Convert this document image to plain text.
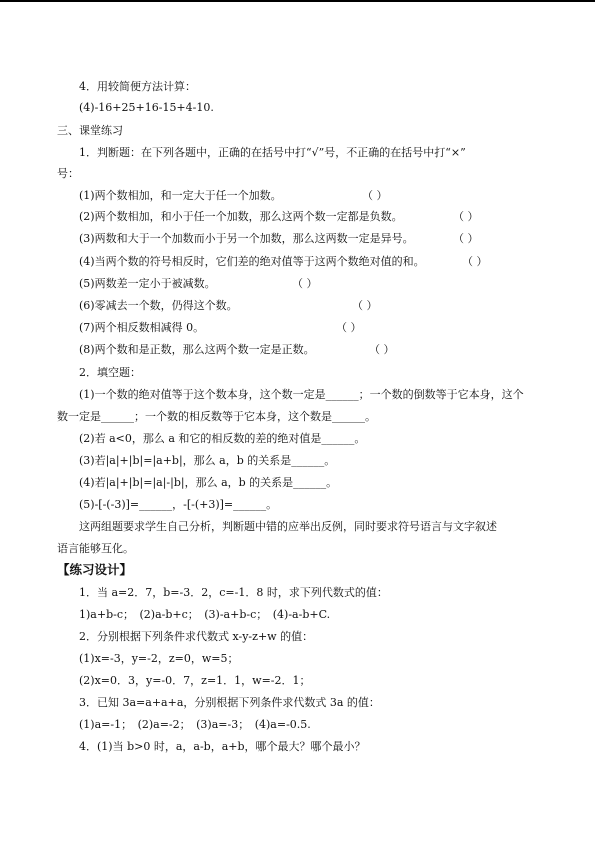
4．用较简便方法计算：
(4)-16+25+16-15+4-10.
三、课堂练习
1．判断题：在下列各题中，正确的在括号中打“√”号，不正确的在括号中打“×”
号：
(1)两个数相加，和一定大于任一个加数。	（ ）
(2)两个数相加，和小于任一个加数，那么这两个数一定都是负数。	（ ）
(3)两数和大于一个加数而小于另一个加数，那么这两数一定是异号。	（ ）
(4)当两个数的符号相反时，它们差的绝对值等于这两个数绝对值的和。	（ ）
(5)两数差一定小于被减数。	（ ）
(6)零减去一个数，仍得这个数。	（ ）
(7)两个相反数相减得 0。	（ ）
(8)两个数和是正数，那么这两个数一定是正数。	（ ）
2．填空题：
(1)一个数的绝对值等于这个数本身，这个数一定是______；一个数的倒数等于它本身，这个
数一定是______；一个数的相反数等于它本身，这个数是______。
(2)若 a<0，那么 a 和它的相反数的差的绝对值是______。
(3)若|a|+|b|=|a+b|，那么 a，b 的关系是______。
(4)若|a|+|b|=|a|-|b|，那么 a，b 的关系是______。
(5)-[-(-3)]=______，-[-(+3)]=______。
这两组题要求学生自己分析，判断题中错的应举出反例，同时要求符号语言与文字叙述
语言能够互化。
【练习设计】
1．当 a=2．7，b=-3．2，c=-1．8 时，求下列代数式的值：
1)a+b-c；　(2)a-b+c；　(3)-a+b-c；　(4)-a-b+C.
2．分别根据下列条件求代数式 x-y-z+w 的值：
(1)x=-3，y=-2，z=0，w=5；
(2)x=0．3，y=-0．7，z=1．1，w=-2．1；
3．已知 3a=a+a+a，分别根据下列条件求代数式 3a 的值：
(1)a=-1；　(2)a=-2；　(3)a=-3；　(4)a=-0.5.
4．(1)当 b>0 时，a，a-b，a+b，哪个最大？哪个最小？
